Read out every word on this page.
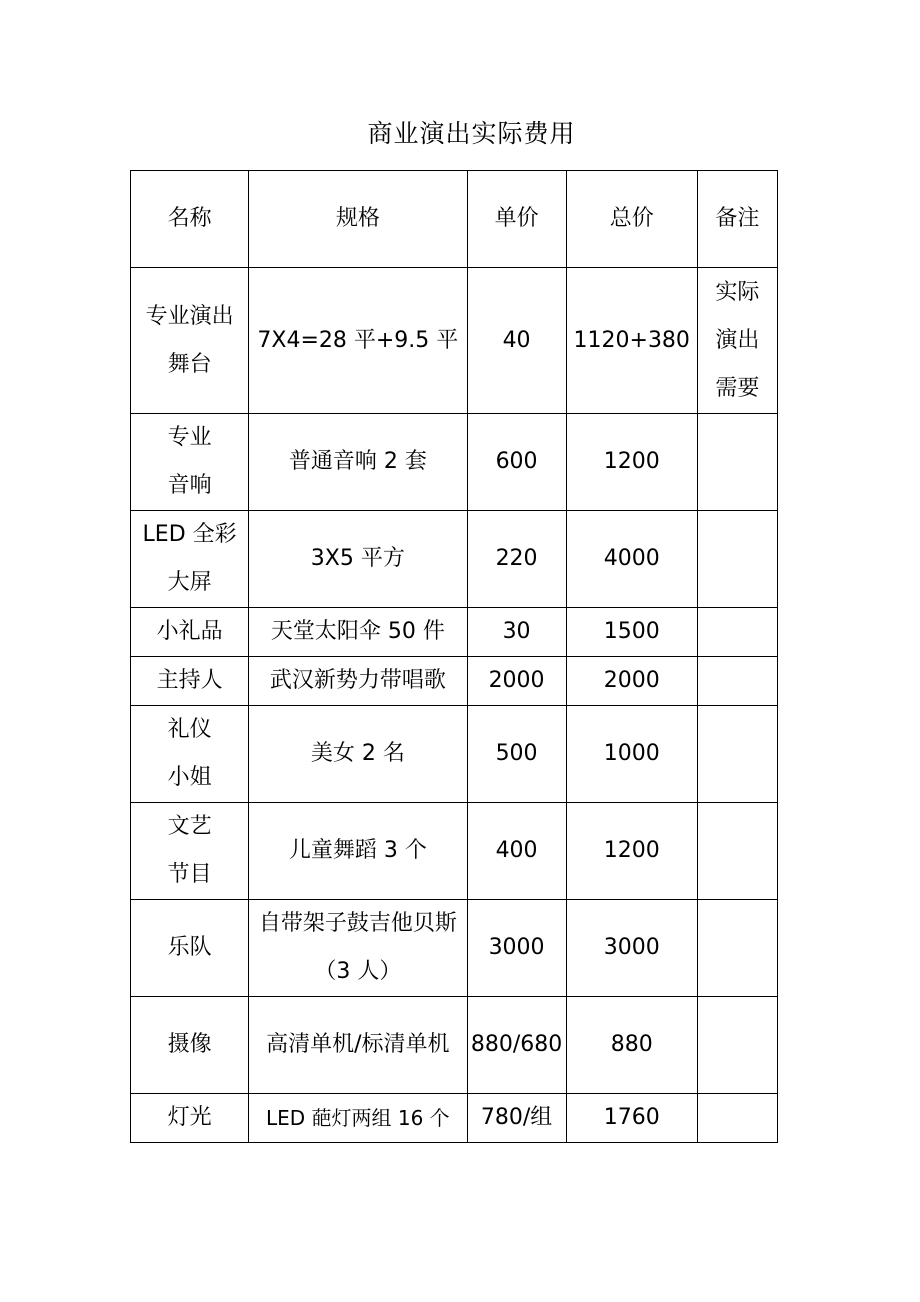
商业演出实际费用
名称	规格	单价	总价	备注
专业演出舞台	7X4=28 平+9.5 平	40	1120+380	实际演出需要
专业音响	普通音响 2 套	600	1200	
LED 全彩大屏	3X5 平方	220	4000	
小礼品	天堂太阳伞 50 件	30	1500	
主持人	武汉新势力带唱歌	2000	2000	
礼仪小姐	美女 2 名	500	1000	
文艺节目	儿童舞蹈 3 个	400	1200	
乐队	自带架子鼓吉他贝斯（3 人）	3000	3000	
摄像	高清单机/标清单机	880/680	880	
灯光	LED 葩灯两组 16 个	780/组	1760	
